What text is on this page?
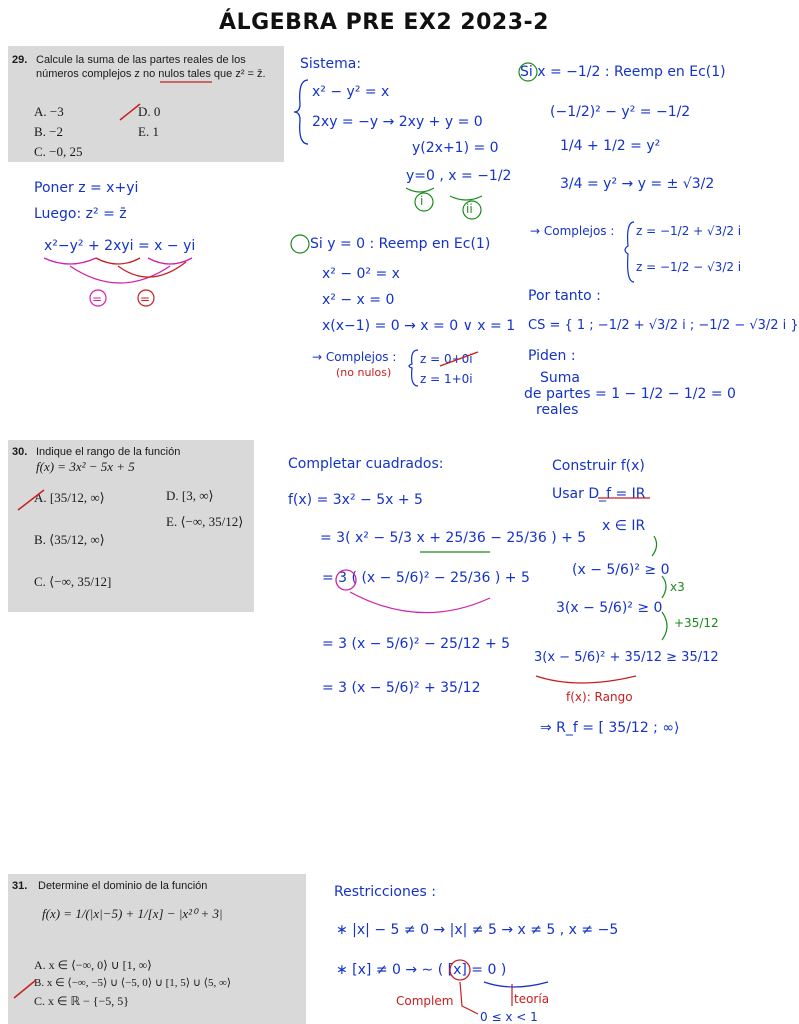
ÁLGEBRA PRE EX2 2023-2
29. Calcule la suma de las partes reales de los
números complejos z no nulos tales que z² = z̄.
A. −3	D. 0
B. −2	E. 1
C. −0, 25
Poner z = x+yi
Luego: z² = z̄
x²−y² + 2xyi = x − yi
=	=
Sistema:
x² − y² = x
2xy = −y → 2xy + y = 0
y(2x+1) = 0
y=0 , x = −1/2
i
ii
Si y = 0 : Reemp en Ec(1)
x² − 0² = x
x² − x = 0
x(x−1) = 0 → x = 0 ∨ x = 1
→ Complejos : z = 0+0i
z = 1+0i
(no nulos)
Si x = −1/2 : Reemp en Ec(1)
(−1/2)² − y² = −1/2
1/4 + 1/2 = y²
3/4 = y² → y = ± √3/2
→ Complejos : z = −1/2 + √3/2 i
z = −1/2 − √3/2 i
Por tanto :
CS = { 1 ; −1/2 + √3/2 i ; −1/2 − √3/2 i }
Piden :
Suma
de partes = 1 − 1/2 − 1/2 = 0
reales
30. Indique el rango de la función
f(x) = 3x² − 5x + 5
A. [35/12, ∞⟩	D. [3, ∞⟩
B. ⟨35/12, ∞⟩
E. ⟨−∞, 35/12⟩
C. ⟨−∞, 35/12]
Completar cuadrados:
f(x) = 3x² − 5x + 5
= 3( x² − 5/3 x + 25/36 − 25/36 ) + 5
= 3 ( (x − 5/6)² − 25/36 ) + 5
= 3 (x − 5/6)² − 25/12 + 5
= 3 (x − 5/6)² + 35/12
Construir f(x)
Usar D_f = IR
x ∈ IR
(x − 5/6)² ≥ 0
x3
3(x − 5/6)² ≥ 0
+35/12
3(x − 5/6)² + 35/12 ≥ 35/12
f(x): Rango
⇒ R_f = [ 35/12 ; ∞⟩
31. Determine el dominio de la función
f(x) = 1/(|x|−5) + 1/[x] − |x²⁰ + 3|
A. x ∈ ⟨−∞, 0⟩ ∪ [1, ∞⟩
B. x ∈ ⟨−∞, −5⟩ ∪ ⟨−5, 0⟩ ∪ [1, 5⟩ ∪ ⟨5, ∞⟩
C. x ∈ ℝ − {−5, 5}
Restricciones :
∗ |x| − 5 ≠ 0 → |x| ≠ 5 → x ≠ 5 , x ≠ −5
∗ [x] ≠ 0 → ∼ ( [x] = 0 )
Complem	teoría
0 ≤ x < 1
